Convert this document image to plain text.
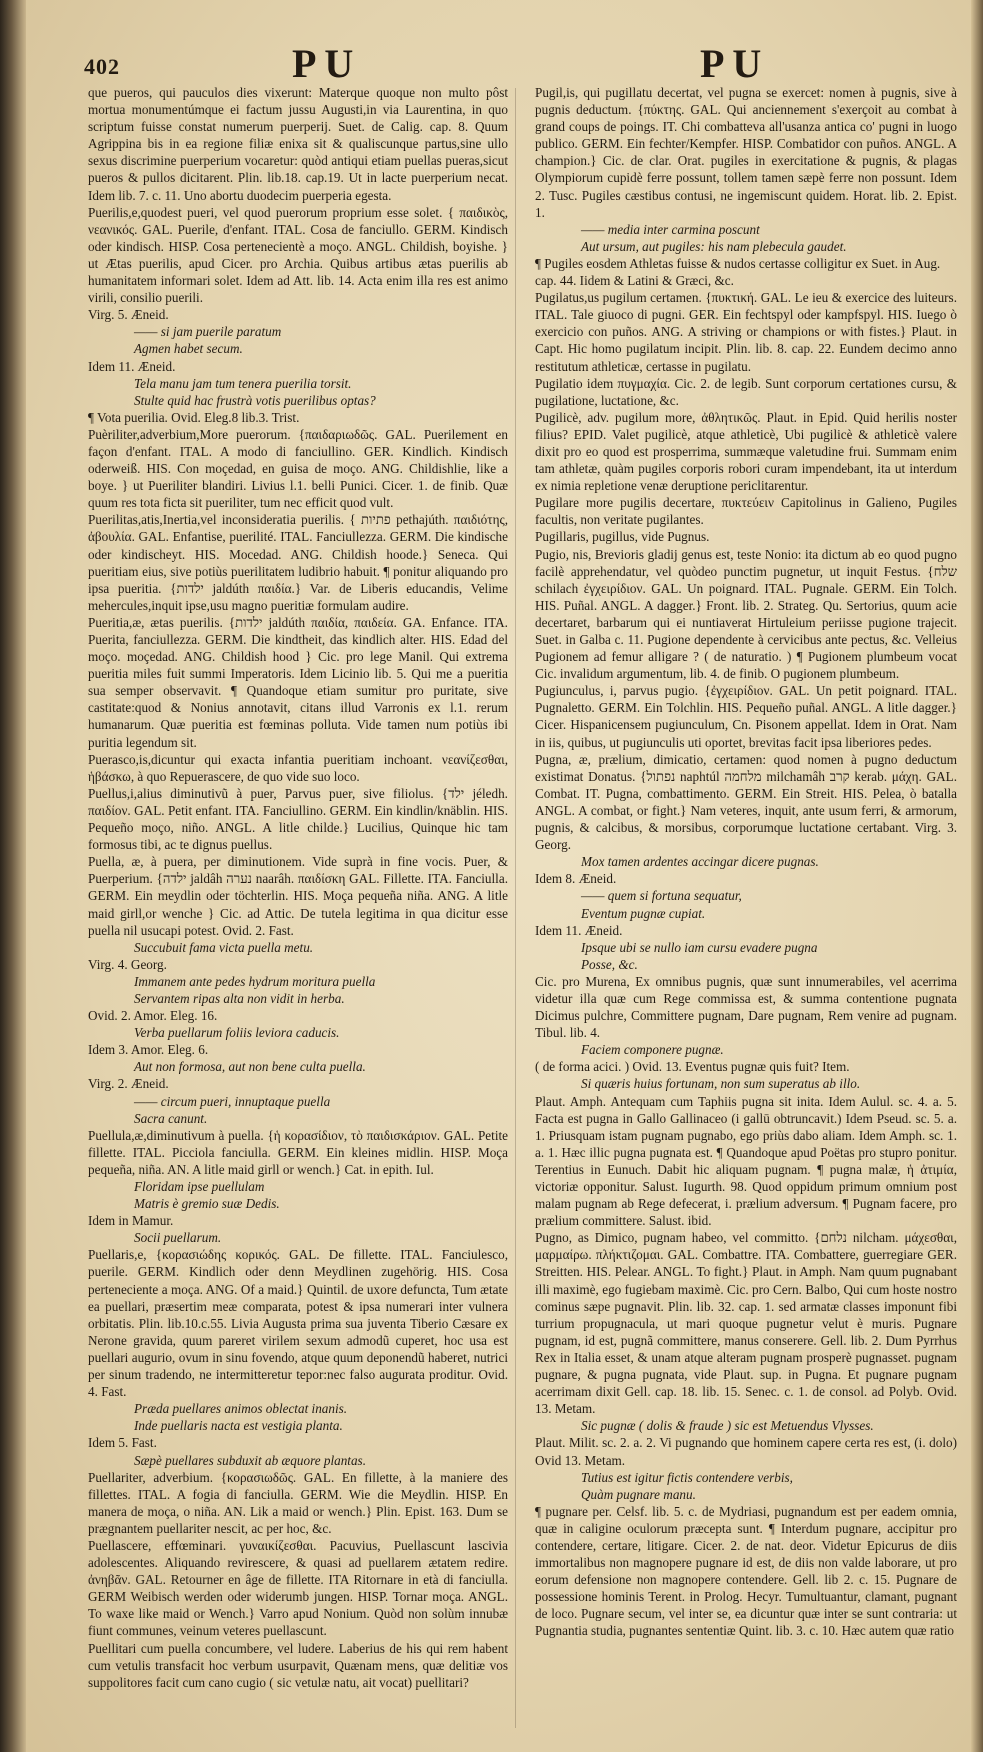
402	PU	PU

que pueros, qui pauculos dies vixerunt: Materque quoque non multo pôst mortua monumentúmque ei factum jussu Augusti,in via Laurentina, in quo scriptum fuisse constat numerum puerperij. Suet. de Calig. cap. 8. Quum Agrippina bis in ea regione filiæ enixa sit & qualiscunque partus,sine ullo sexus discrimine puerperium vocaretur: quòd antiqui etiam puellas pueras,sicut pueros & pullos dicitarent. Plin. lib.18. cap.19. Ut in lacte puerperium necat. Idem lib. 7. c. 11. Uno abortu duodecim puerperia egesta.

Puerilis,e,quodest pueri, vel quod puerorum proprium esse solet. { παιδικὸς, νεανικός. GAL. Puerile, d'enfant. ITAL. Cosa de fanciullo. GERM. Kindisch oder kindisch. HISP. Cosa pertenecientè a moço. ANGL. Childish, boyishe. } ut Ætas puerilis, apud Cicer. pro Archia. Quibus artibus ætas puerilis ab humanitatem informari solet. Idem ad Att. lib. 14. Acta enim illa res est animo virili, consilio puerili.

Virg. 5. Æneid.

—— si jam puerile paratum

Agmen habet secum.

Idem 11. Æneid.

Tela manu jam tum tenera puerilia torsit.

Stulte quid hac frustrà votis puerilibus optas?

¶ Vota puerilia. Ovid. Eleg.8 lib.3. Trist.

Puèriliter,adverbium,More puerorum. {παιδαριωδῶς. GAL. Puerilement en façon d'enfant. ITAL. A modo di fanciullino. GER. Kindlich. Kindisch oderweiß. HIS. Con moçedad, en guisa de moço. ANG. Childishlie, like a boye. } ut Pueriliter blandiri. Livius l.1. belli Punici. Cicer. 1. de finib. Quæ quum res tota ficta sit pueriliter, tum nec efficit quod vult.

Puerilitas,atis,Inertia,vel inconsideratia puerilis. { פתיות pethajúth. παιδιότης, ἀβουλία. GAL. Enfantise, puerilité. ITAL. Fanciullezza. GERM. Die kindische oder kindischeyt. HIS. Mocedad. ANG. Childish hoode.} Seneca. Qui pueritiam eius, sive potiùs puerilitatem ludibrio habuit. ¶ ponitur aliquando pro ipsa pueritia. {ילדות jaldúth παιδία.} Var. de Liberis educandis, Velime mehercules,inquit ipse,usu magno pueritiæ formulam audire.

Pueritia,æ, ætas puerilis. {ילדות jaldúth παιδία, παιδεία. GA. Enfance. ITA. Puerita, fanciullezza. GERM. Die kindtheit, das kindlich alter. HIS. Edad del moço. moçedad. ANG. Childish hood } Cic. pro lege Manil. Qui extrema pueritia miles fuit summi Imperatoris. Idem Licinio lib. 5. Qui me a pueritia sua semper observavit. ¶ Quandoque etiam sumitur pro puritate, sive castitate:quod & Nonius annotavit, citans illud Varronis ex l.1. rerum humanarum. Quæ pueritia est fœminas polluta. Vide tamen num potiùs ibi puritia legendum sit.

Puerasco,is,dicuntur qui exacta infantia pueritiam inchoant. νεανίζεσθαι, ἡβάσκω, à quo Repuerascere, de quo vide suo loco.

Puellus,i,alius diminutivũ à puer, Parvus puer, sive filiolus. {ילד jéledh. παιδίον. GAL. Petit enfant. ITA. Fanciullino. GERM. Ein kindlin/knäblin. HIS. Pequeño moço, niño. ANGL. A litle childe.} Lucilius, Quinque hic tam formosus tibi, ac te dignus puellus.

Puella, æ, à puera, per diminutionem. Vide suprà in fine vocis. Puer, & Puerperium. {ילדה jaldâh נערה naarâh. παιδίσκη GAL. Fillette. ITA. Fanciulla. GERM. Ein meydlin oder töchterlin. HIS. Moça pequeña niña. ANG. A litle maid girll,or wenche } Cic. ad Attic. De tutela legitima in qua dicitur esse puella nil usucapi potest. Ovid. 2. Fast.

Succubuit fama victa puella metu.

Virg. 4. Georg.

Immanem ante pedes hydrum moritura puella

Servantem ripas alta non vidit in herba.

Ovid. 2. Amor. Eleg. 16.

Verba puellarum foliis leviora caducis.

Idem 3. Amor. Eleg. 6.

Aut non formosa, aut non bene culta puella.

Virg. 2. Æneid.

—— circum pueri, innuptaque puella

Sacra canunt.

Puellula,æ,diminutivum à puella. {ἡ κορασίδιον, τὸ παιδισκάριον. GAL. Petite fillette. ITAL. Picciola fanciulla. GERM. Ein kleines midlin. HISP. Moça pequeña, niña. AN. A litle maid girll or wench.} Cat. in epith. Iul.

Floridam ipse puellulam

Matris è gremio suæ Dedis.

Idem in Mamur.

Socii puellarum.

Puellaris,e, {κορασιώδης κορικός. GAL. De fillette. ITAL. Fanciulesco, puerile. GERM. Kindlich oder denn Meydlinen zugehörig. HIS. Cosa perteneciente a moça. ANG. Of a maid.} Quintil. de uxore defuncta, Tum ætate ea puellari, præsertim meæ comparata, potest & ipsa numerari inter vulnera orbitatis. Plin. lib.10.c.55. Livia Augusta prima sua juventa Tiberio Cæsare ex Nerone gravida, quum pareret virilem sexum admodũ cuperet, hoc usa est puellari augurio, ovum in sinu fovendo, atque quum deponendũ haberet, nutrici per sinum tradendo, ne intermitteretur tepor:nec falso augurata proditur. Ovid. 4. Fast.

Præda puellares animos oblectat inanis.

Inde puellaris nacta est vestigia planta.

Idem 5. Fast.

Sæpè puellares subduxit ab æquore plantas.

Puellariter, adverbium. {κορασιωδῶς. GAL. En fillette, à la maniere des fillettes. ITAL. A fogia di fanciulla. GERM. Wie die Meydlin. HISP. En manera de moça, o niña. AN. Lik a maid or wench.} Plin. Epist. 163. Dum se prægnantem puellariter nescit, ac per hoc, &c.

Puellascere, effœminari. γυναικίζεσθαι. Pacuvius, Puellascunt lascivia adolescentes. Aliquando revirescere, & quasi ad puellarem ætatem redire. ἀνηβᾶν. GAL. Retourner en âge de fillette. ITA Ritornare in età di fanciulla. GERM Weibisch werden oder widerumb jungen. HISP. Tornar moça. ANGL. To waxe like maid or Wench.} Varro apud Nonium. Quòd non solùm innubæ fiunt communes, veinum veteres puellascunt.

Puellitari cum puella concumbere, vel ludere. Laberius de his qui rem habent cum vetulis transfacit hoc verbum usurpavit, Quænam mens, quæ delitiæ vos suppolitores facit cum cano cugio ( sic vetulæ natu, ait vocat) puellitari?

Pugil,is, qui pugillatu decertat, vel pugna se exercet: nomen à pugnis, sive à pugnis deductum. {πύκτης. GAL. Qui anciennement s'exerçoit au combat à grand coups de poings. IT. Chi combatteva all'usanza antica co' pugni in luogo publico. GERM. Ein fechter/Kempfer. HISP. Combatidor con puños. ANGL. A champion.} Cic. de clar. Orat. pugiles in exercitatione & pugnis, & plagas Olympiorum cupidè ferre possunt, tollem tamen sæpè ferre non possunt. Idem 2. Tusc. Pugiles cæstibus contusi, ne ingemiscunt quidem. Horat. lib. 2. Epist. 1.

—— media inter carmina poscunt

Aut ursum, aut pugiles: his nam plebecula gaudet.

¶ Pugiles eosdem Athletas fuisse & nudos certasse colligitur ex Suet. in Aug. cap. 44. Iidem & Latini & Græci, &c.

Pugilatus,us pugilum certamen. {πυκτική. GAL. Le ieu & exercice des luiteurs. ITAL. Tale giuoco di pugni. GER. Ein fechtspyl oder kampfspyl. HIS. Iuego ò exercicio con puños. ANG. A striving or champions or with fistes.} Plaut. in Capt. Hic homo pugilatum incipit. Plin. lib. 8. cap. 22. Eundem decimo anno restitutum athleticæ, certasse in pugilatu.

Pugilatio idem πυγμαχία. Cic. 2. de legib. Sunt corporum certationes cursu, & pugilatione, luctatione, &c.

Pugilicè, adv. pugilum more, ἀθλητικῶς. Plaut. in Epid. Quid herilis noster filius? EPID. Valet pugilicè, atque athleticè, Ubi pugilicè & athleticè valere dixit pro eo quod est prosperrima, summæque valetudine frui. Summam enim tam athletæ, quàm pugiles corporis robori curam impendebant, ita ut interdum ex nimia repletione venæ deruptione periclitarentur.

Pugilare more pugilis decertare, πυκτεύειν Capitolinus in Galieno, Pugiles facultis, non veritate pugilantes.

Pugillaris, pugillus, vide Pugnus.

Pugio, nis, Brevioris gladij genus est, teste Nonio: ita dictum ab eo quod pugno facilè apprehendatur, vel quòdeo punctim pugnetur, ut inquit Festus. {שלח schilach ἐγχειρίδιον. GAL. Un poignard. ITAL. Pugnale. GERM. Ein Tolch. HIS. Puñal. ANGL. A dagger.} Front. lib. 2. Strateg. Qu. Sertorius, quum acie decertaret, barbarum qui ei nuntiaverat Hirtuleium periisse pugione trajecit. Suet. in Galba c. 11. Pugione dependente à cervicibus ante pectus, &c. Velleius Pugionem ad femur alligare ? ( de naturatio. ) ¶ Pugionem plumbeum vocat Cic. invalidum argumentum, lib. 4. de finib. O pugionem plumbeum.

Pugiunculus, i, parvus pugio. {ἐγχειρίδιον. GAL. Un petit poignard. ITAL. Pugnaletto. GERM. Ein Tolchlin. HIS. Pequeño puñal. ANGL. A litle dagger.} Cicer. Hispanicensem pugiunculum, Cn. Pisonem appellat. Idem in Orat. Nam in iis, quibus, ut pugiunculis uti oportet, brevitas facit ipsa liberiores pedes.

Pugna, æ, prælium, dimicatio, certamen: quod nomen à pugno deductum existimat Donatus. {נפתול naphtúl מלחמה milchamâh קרב kerab. μάχη. GAL. Combat. IT. Pugna, combattimento. GERM. Ein Streit. HIS. Pelea, ò batalla ANGL. A combat, or fight.} Nam veteres, inquit, ante usum ferri, & armorum, pugnis, & calcibus, & morsibus, corporumque luctatione certabant. Virg. 3. Georg.

Mox tamen ardentes accingar dicere pugnas.

Idem 8. Æneid.

—— quem si fortuna sequatur,

Eventum pugnæ cupiat.

Idem 11. Æneid.

Ipsque ubi se nullo iam cursu evadere pugna

Posse, &c.

Cic. pro Murena, Ex omnibus pugnis, quæ sunt innumerabiles, vel acerrima videtur illa quæ cum Rege commissa est, & summa contentione pugnata Dicimus pulchre, Committere pugnam, Dare pugnam, Rem venire ad pugnam. Tibul. lib. 4.

Faciem componere pugnæ.

( de forma acici. ) Ovid. 13. Eventus pugnæ quis fuit? Item.

Si quæris huius fortunam, non sum superatus ab illo.

Plaut. Amph. Antequam cum Taphiis pugna sit inita. Idem Aulul. sc. 4. a. 5. Facta est pugna in Gallo Gallinaceo (i gallū obtruncavit.) Idem Pseud. sc. 5. a. 1. Priusquam istam pugnam pugnabo, ego priùs dabo aliam. Idem Amph. sc. 1. a. 1. Hæc illic pugna pugnata est. ¶ Quandoque apud Poëtas pro stupro ponitur. Terentius in Eunuch. Dabit hic aliquam pugnam. ¶ pugna malæ, ἡ ἀτιμία, victoriæ opponitur. Salust. Iugurth. 98. Quod oppidum primum omnium post malam pugnam ab Rege defecerat, i. prælium adversum. ¶ Pugnam facere, pro prælium committere. Salust. ibid.

Pugno, as Dimico, pugnam habeo, vel committo. {נלחם nilcham. μάχεσθαι, μαρμαίρω. πλήκτιζομαι. GAL. Combattre. ITA. Combattere, guerregiare GER. Streitten. HIS. Pelear. ANGL. To fight.} Plaut. in Amph. Nam quum pugnabant illi maximè, ego fugiebam maximè. Cic. pro Cern. Balbo, Qui cum hoste nostro cominus sæpe pugnavit. Plin. lib. 32. cap. 1. sed armatæ classes imponunt fibi turrium propugnacula, ut mari quoque pugnetur velut è muris. Pugnare pugnam, id est, pugnã committere, manus conserere. Gell. lib. 2. Dum Pyrrhus Rex in Italia esset, & unam atque alteram pugnam prosperè pugnasset. pugnam pugnare, & pugna pugnata, vide Plaut. sup. in Pugna. Et pugnare pugnam acerrimam dixit Gell. cap. 18. lib. 15. Senec. c. 1. de consol. ad Polyb. Ovid. 13. Metam.

Sic pugnæ ( dolis & fraude ) sic est Metuendus Vlysses.

Plaut. Milit. sc. 2. a. 2. Vi pugnando que hominem capere certa res est, (i. dolo) Ovid 13. Metam.

Tutius est igitur fictis contendere verbis,

Quàm pugnare manu.

¶ pugnare per. Celsf. lib. 5. c. de Mydriasi, pugnandum est per eadem omnia, quæ in caligine oculorum præcepta sunt. ¶ Interdum pugnare, accipitur pro contendere, certare, litigare. Cicer. 2. de nat. deor. Videtur Epicurus de diis immortalibus non magnopere pugnare id est, de diis non valde laborare, ut pro eorum defensione non magnopere contendere. Gell. lib 2. c. 15. Pugnare de possessione hominis Terent. in Prolog. Hecyr. Tumultuantur, clamant, pugnant de loco. Pugnare secum, vel inter se, ea dicuntur quæ inter se sunt contraria: ut Pugnantia studia, pugnantes sententiæ Quint. lib. 3. c. 10. Hæc autem quæ ratio
